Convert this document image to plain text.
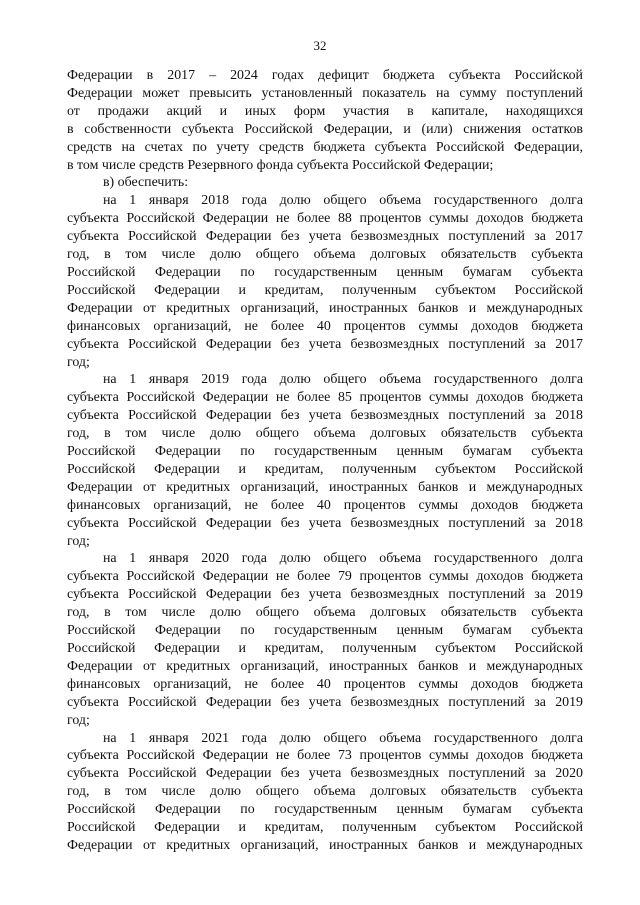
32
Федерации в 2017 – 2024 годах дефицит бюджета субъекта Российской
Федерации может превысить установленный показатель на сумму поступлений
от продажи акций и иных форм участия в капитале, находящихся
в собственности субъекта Российской Федерации, и (или) снижения остатков
средств на счетах по учету средств бюджета субъекта Российской Федерации,
в том числе средств Резервного фонда субъекта Российской Федерации;
в) обеспечить:
на 1 января 2018 года долю общего объема государственного долга
субъекта Российской Федерации не более 88 процентов суммы доходов бюджета
субъекта Российской Федерации без учета безвозмездных поступлений за 2017
год, в том числе долю общего объема долговых обязательств субъекта
Российской Федерации по государственным ценным бумагам субъекта
Российской Федерации и кредитам, полученным субъектом Российской
Федерации от кредитных организаций, иностранных банков и международных
финансовых организаций, не более 40 процентов суммы доходов бюджета
субъекта Российской Федерации без учета безвозмездных поступлений за 2017
год;
на 1 января 2019 года долю общего объема государственного долга
субъекта Российской Федерации не более 85 процентов суммы доходов бюджета
субъекта Российской Федерации без учета безвозмездных поступлений за 2018
год, в том числе долю общего объема долговых обязательств субъекта
Российской Федерации по государственным ценным бумагам субъекта
Российской Федерации и кредитам, полученным субъектом Российской
Федерации от кредитных организаций, иностранных банков и международных
финансовых организаций, не более 40 процентов суммы доходов бюджета
субъекта Российской Федерации без учета безвозмездных поступлений за 2018
год;
на 1 января 2020 года долю общего объема государственного долга
субъекта Российской Федерации не более 79 процентов суммы доходов бюджета
субъекта Российской Федерации без учета безвозмездных поступлений за 2019
год, в том числе долю общего объема долговых обязательств субъекта
Российской Федерации по государственным ценным бумагам субъекта
Российской Федерации и кредитам, полученным субъектом Российской
Федерации от кредитных организаций, иностранных банков и международных
финансовых организаций, не более 40 процентов суммы доходов бюджета
субъекта Российской Федерации без учета безвозмездных поступлений за 2019
год;
на 1 января 2021 года долю общего объема государственного долга
субъекта Российской Федерации не более 73 процентов суммы доходов бюджета
субъекта Российской Федерации без учета безвозмездных поступлений за 2020
год, в том числе долю общего объема долговых обязательств субъекта
Российской Федерации по государственным ценным бумагам субъекта
Российской Федерации и кредитам, полученным субъектом Российской
Федерации от кредитных организаций, иностранных банков и международных
